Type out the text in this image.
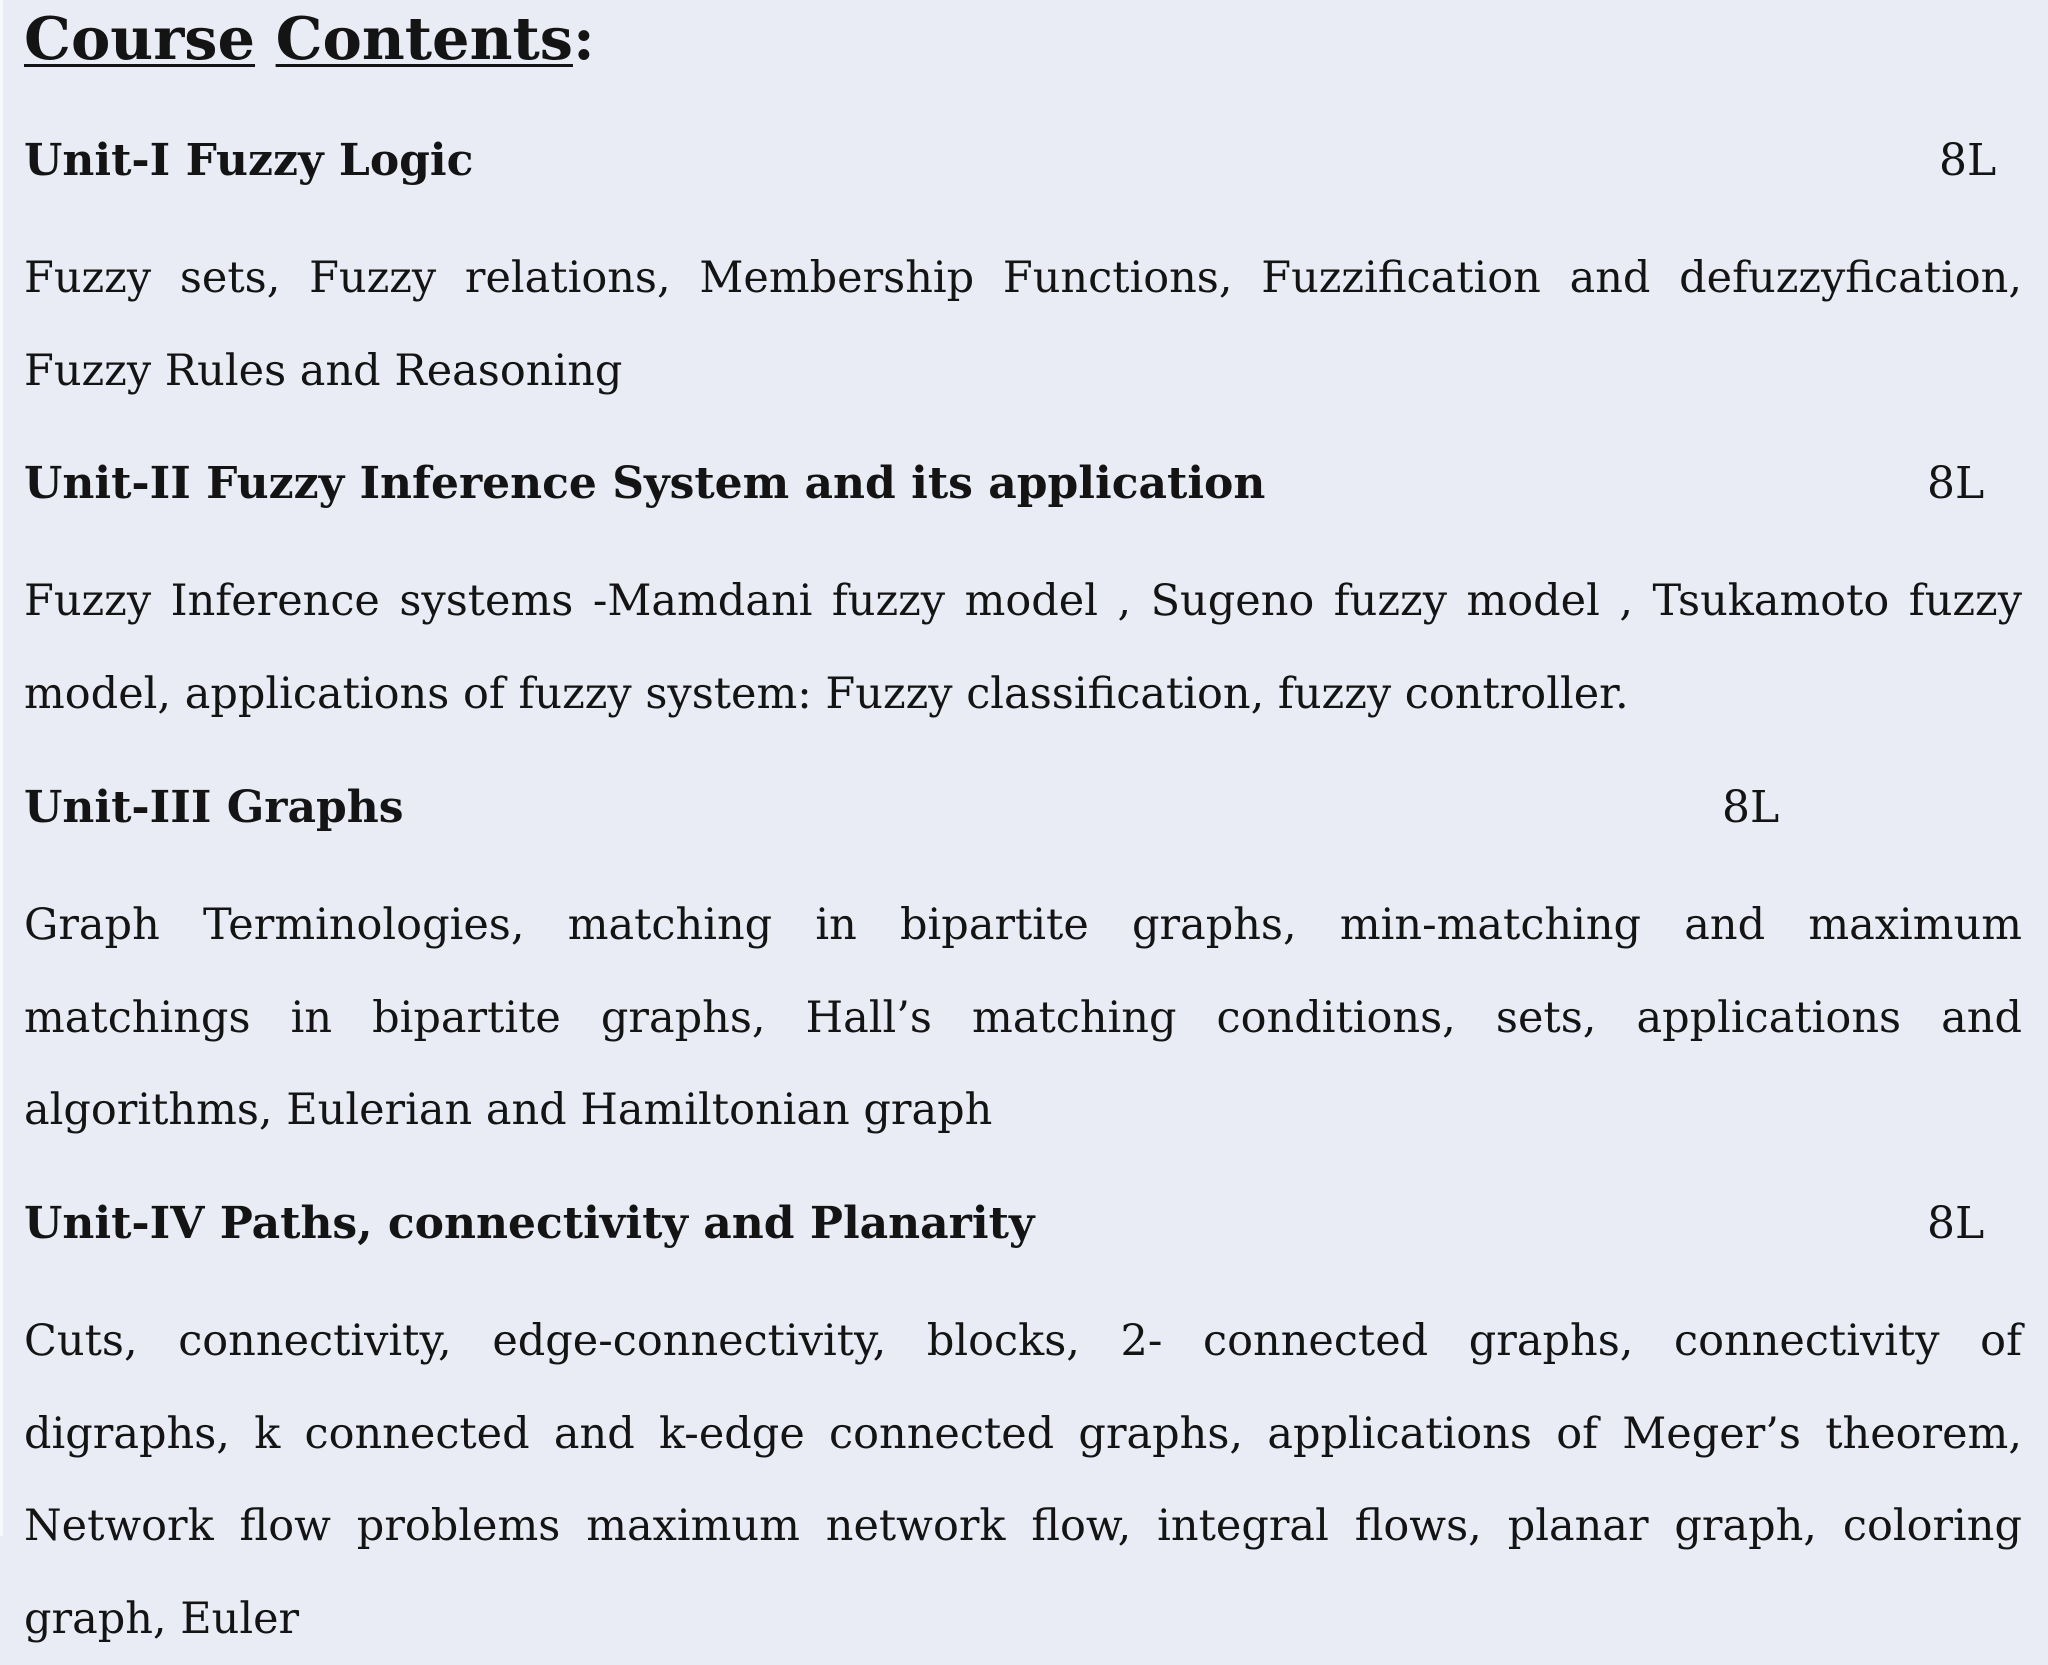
Course Contents:
Unit-I Fuzzy Logic	8L

Fuzzy sets, Fuzzy relations, Membership Functions, Fuzzification and defuzzyfication, Fuzzy Rules and Reasoning

Unit-II Fuzzy Inference System and its application	8L

Fuzzy Inference systems -Mamdani fuzzy model , Sugeno fuzzy model , Tsukamoto fuzzy model, applications of fuzzy system: Fuzzy classification, fuzzy controller.

Unit-III Graphs	8L

Graph Terminologies, matching in bipartite graphs, min-matching and maximum matchings in bipartite graphs, Hall’s matching conditions, sets, applications and algorithms, Eulerian and Hamiltonian graph

Unit-IV Paths, connectivity and Planarity	8L

Cuts, connectivity, edge-connectivity, blocks, 2- connected graphs, connectivity of digraphs, k connected and k-edge connected graphs, applications of Meger’s theorem, Network flow problems maximum network flow, integral flows, planar graph, coloring graph, Euler
